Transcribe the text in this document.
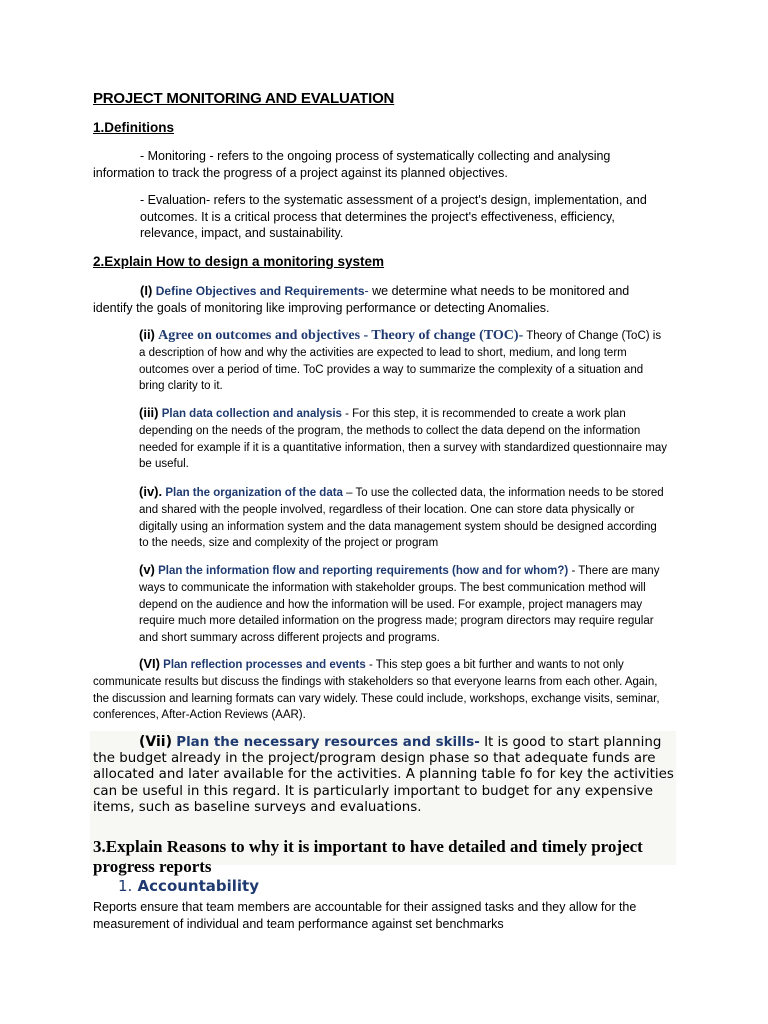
PROJECT MONITORING AND EVALUATION
1.Definitions

- Monitoring - refers to the ongoing process of systematically collecting and analysing information to track the progress of a project against its planned objectives.

- Evaluation- refers to the systematic assessment of a project's design, implementation, and outcomes. It is a critical process that determines the project's effectiveness, efficiency, relevance, impact, and sustainability.

2.Explain How to design a monitoring system

(I) Define Objectives and Requirements- we determine what needs to be monitored and identify the goals of monitoring like improving performance or detecting Anomalies.

(ii) Agree on outcomes and objectives - Theory of change (TOC)- Theory of Change (ToC) is a description of how and why the activities are expected to lead to short, medium, and long term outcomes over a period of time. ToC provides a way to summarize the complexity of a situation and bring clarity to it.

(iii) Plan data collection and analysis - For this step, it is recommended to create a work plan depending on the needs of the program, the methods to collect the data depend on the information needed for example if it is a quantitative information, then a survey with standardized questionnaire may be useful.

(iv). Plan the organization of the data – To use the collected data, the information needs to be stored and shared with the people involved, regardless of their location. One can store data physically or digitally using an information system and the data management system should be designed according to the needs, size and complexity of the project or program

(v) Plan the information flow and reporting requirements (how and for whom?) - There are many ways to communicate the information with stakeholder groups. The best communication method will depend on the audience and how the information will be used. For example, project managers may require much more detailed information on the progress made; program directors may require regular and short summary across different projects and programs.

(VI) Plan reflection processes and events - This step goes a bit further and wants to not only communicate results but discuss the findings with stakeholders so that everyone learns from each other. Again, the discussion and learning formats can vary widely. These could include, workshops, exchange visits, seminar, conferences, After-Action Reviews (AAR).

(Vii) Plan the necessary resources and skills- It is good to start planning the budget already in the project/program design phase so that adequate funds are allocated and later available for the activities. A planning table fo for key the activities can be useful in this regard. It is particularly important to budget for any expensive items, such as baseline surveys and evaluations.

3.Explain Reasons to why it is important to have detailed and timely project progress reports

1. Accountability

Reports ensure that team members are accountable for their assigned tasks and they allow for the measurement of individual and team performance against set benchmarks
